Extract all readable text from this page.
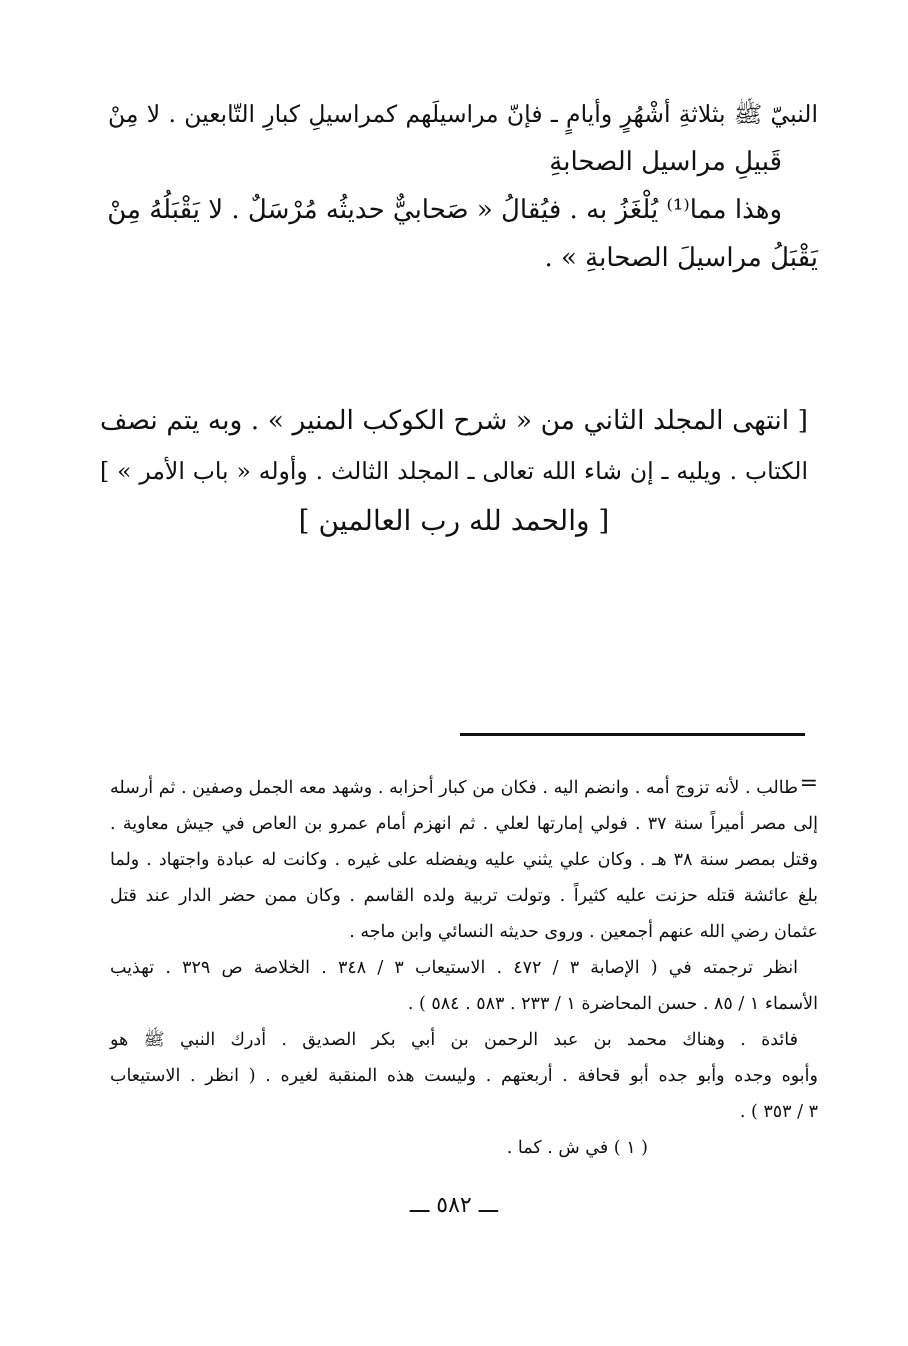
النبيّ ﷺ بثلاثةِ أشْهُرٍ وأيامٍ ـ فإنّ مراسيلَهم كمراسيلِ كبارِ التّابعين . لا مِنْ
قَبيلِ مراسيل الصحابةِ
وهذا مما⁽¹⁾ يُلْغَزُ به . فيُقالُ « صَحابيٌّ حديثُه مُرْسَلٌ . لا يَقْبَلُهُ مِنْ
يَقْبَلُ مراسيلَ الصحابةِ » .
[ انتهى المجلد الثاني من « شرح الكوكب المنير » . وبه يتم نصف
الكتاب . ويليه ـ إن شاء الله تعالى ـ المجلد الثالث . وأوله « باب الأمر » ]
[ والحمد لله رب العالمين ]
=
طالب . لأنه تزوج أمه . وانضم اليه . فكان من كبار أحزابه . وشهد معه الجمل وصفين . ثم أرسله
إلى مصر أميراً سنة ٣٧ . فولي إمارتها لعلي . ثم انهزم أمام عمرو بن العاص في جيش معاوية .
وقتل بمصر سنة ٣٨ هـ . وكان علي يثني عليه ويفضله على غيره . وكانت له عبادة واجتهاد . ولما
بلغ عائشة قتله حزنت عليه كثيراً . وتولت تربية ولده القاسم . وكان ممن حضر الدار عند قتل
عثمان رضي الله عنهم أجمعين . وروى حديثه النسائي وابن ماجه .
انظر ترجمته في ( الإصابة ٣ / ٤٧٢ . الاستيعاب ٣ / ٣٤٨ . الخلاصة ص ٣٢٩ . تهذيب
الأسماء ١ / ٨٥ . حسن المحاضرة ١ / ٢٣٣ . ٥٨٣ . ٥٨٤ ) .
فائدة . وهناك محمد بن عبد الرحمن بن أبي بكر الصديق . أدرك النبي ﷺ هو
وأبوه وجده وأبو جده أبو قحافة . أربعتهم . وليست هذه المنقبة لغيره . ( انظر . الاستيعاب
٣ / ٣٥٣ ) .
( ١ ) في ش . كما .
ـــ ٥٨٢ ـــ
